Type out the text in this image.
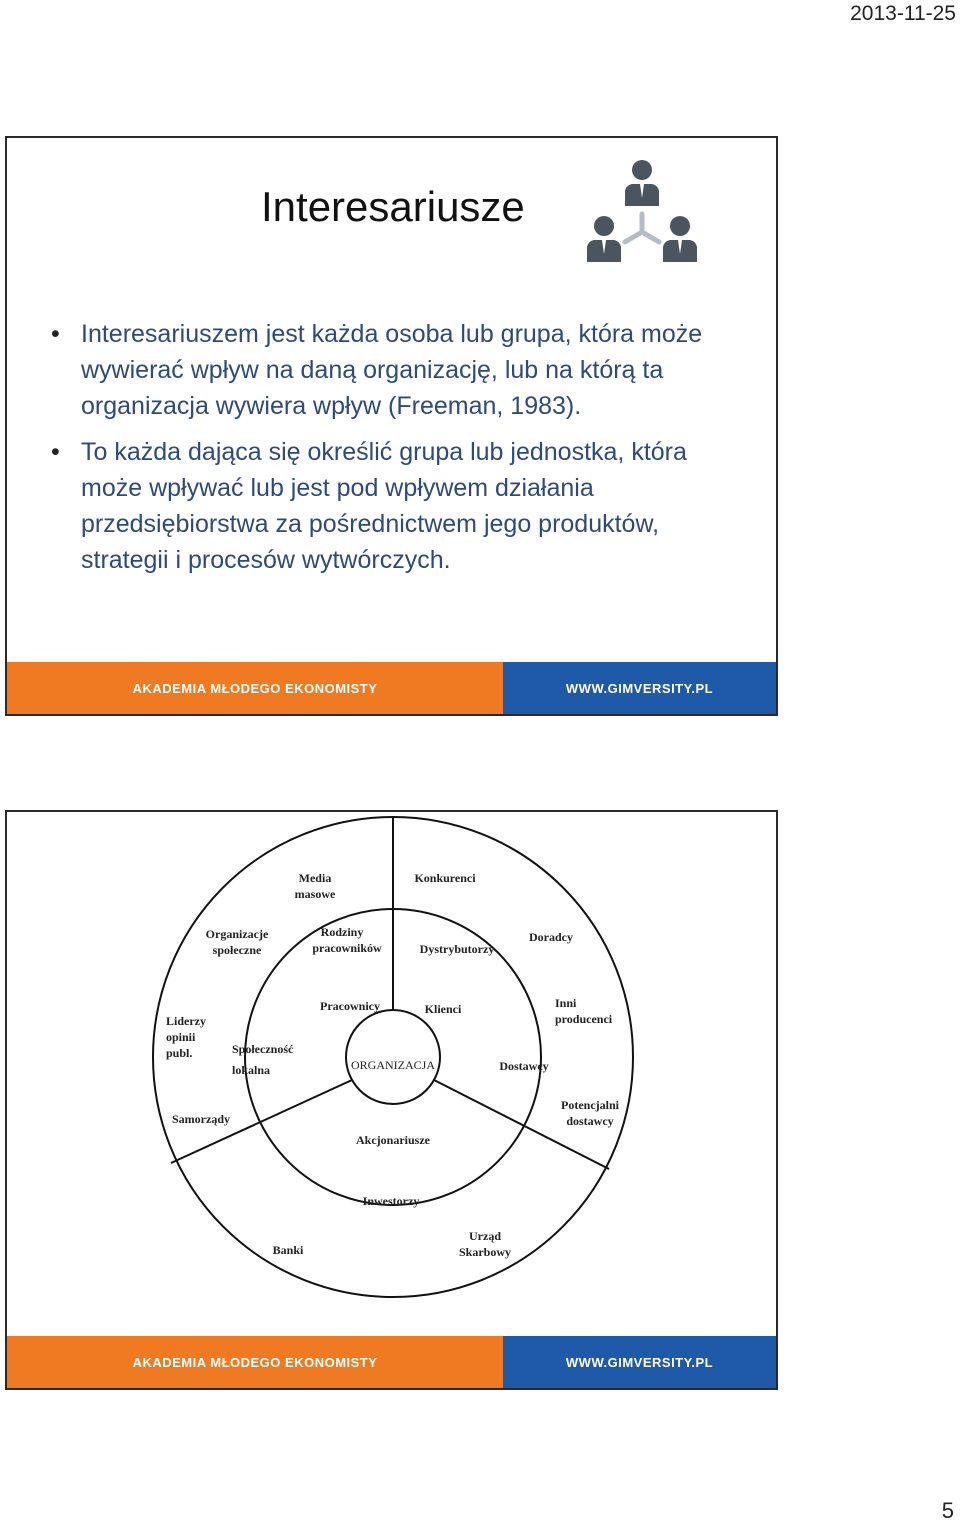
2013-11-25
Interesariusze
• Interesariuszem jest każda osoba lub grupa, która może wywierać wpływ na daną organizację, lub na którą ta organizacja wywiera wpływ (Freeman, 1983).
• To każda dająca się określić grupa lub jednostka, która może wpływać lub jest pod wpływem działania przedsiębiorstwa za pośrednictwem jego produktów, strategii i procesów wytwórczych.
AKADEMIA MŁODEGO EKONOMISTY	WWW.GIMVERSITY.PL
ORGANIZACJA
Pracownicy	Klienci
Dostawcy
Akcjonariusze
Społeczność
lokalna
Organizacje
społeczne
Rodziny
pracowników	Dystrybutorzy
Doradcy
Inni
producenci
Potencjalni
dostawcy
Inwestorzy
Samorządy
Media
masowe
Konkurenci
Liderzy
opinii
publ.
Banki
Urząd
Skarbowy
AKADEMIA MŁODEGO EKONOMISTY	WWW.GIMVERSITY.PL
5
